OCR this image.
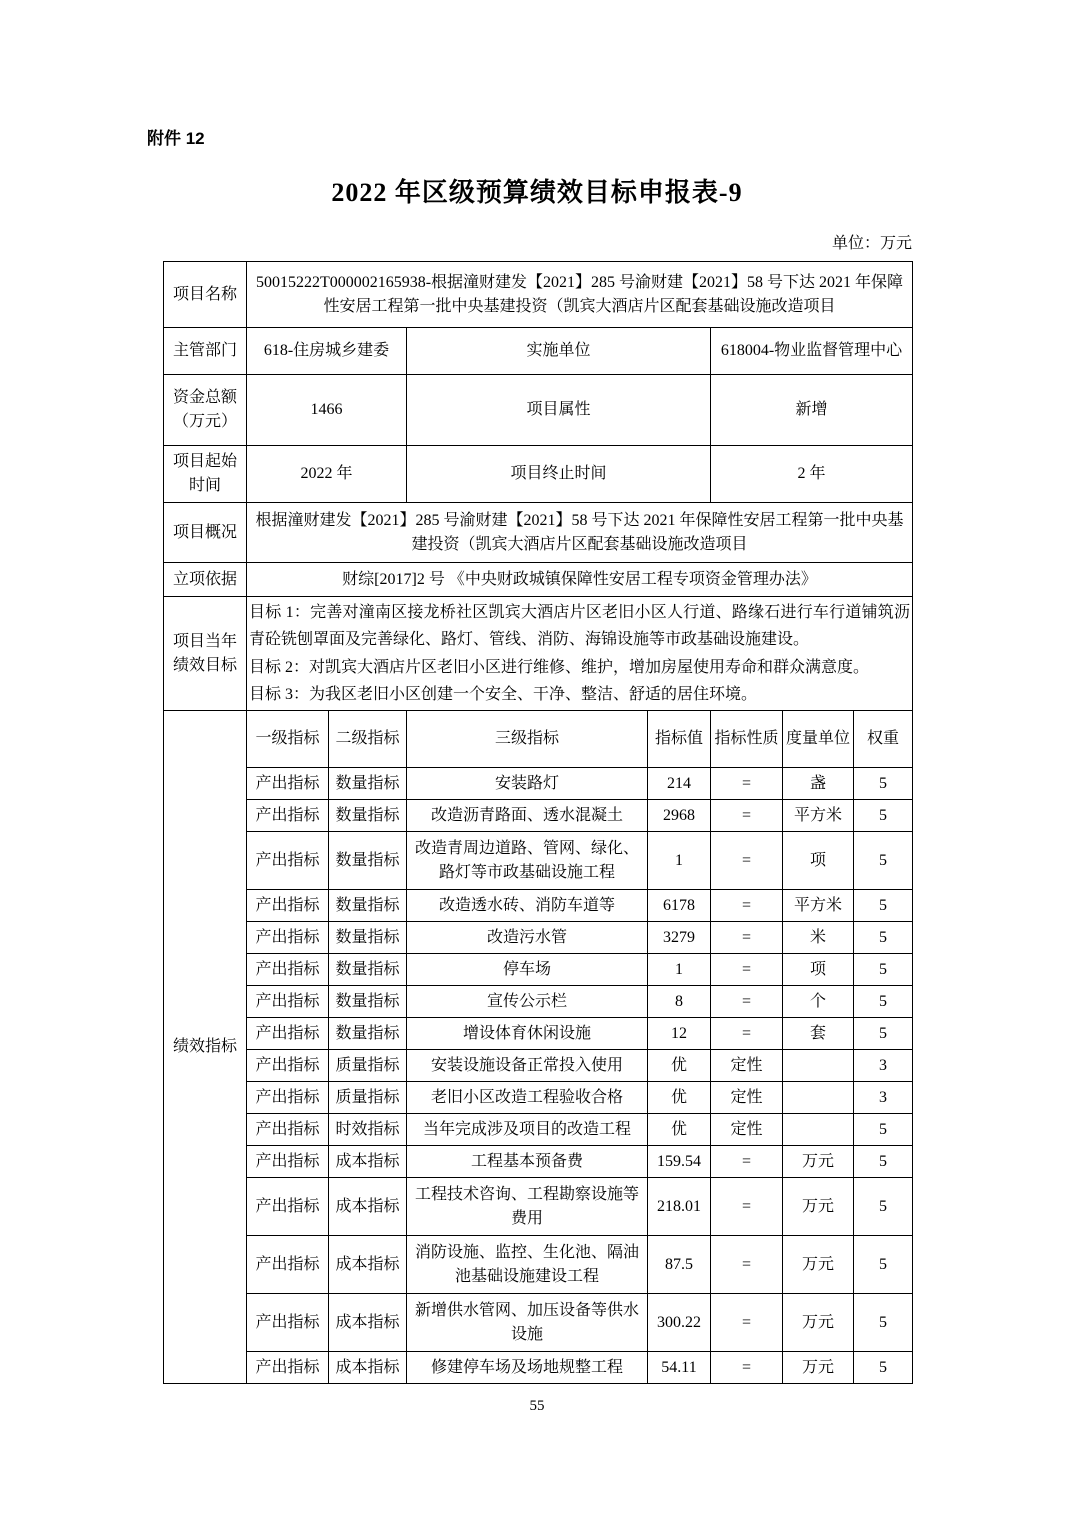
附件 12
2022 年区级预算绩效目标申报表-9
单位：万元
项目名称	50015222T000002165938-根据潼财建发【2021】285 号渝财建【2021】58 号下达 2021 年保障性安居工程第一批中央基建投资（凯宾大酒店片区配套基础设施改造项目						
主管部门	618-住房城乡建委		实施单位		618004-物业监督管理中心		
资金总额（万元）	1466		项目属性		新增		
项目起始时间	2022 年		项目终止时间		2 年		
项目概况	根据潼财建发【2021】285 号渝财建【2021】58 号下达 2021 年保障性安居工程第一批中央基建投资（凯宾大酒店片区配套基础设施改造项目						
立项依据	财综[2017]2 号 《中央财政城镇保障性安居工程专项资金管理办法》						
项目当年绩效目标	目标 1：完善对潼南区接龙桥社区凯宾大酒店片区老旧小区人行道、路缘石进行车行道铺筑沥青砼铣刨罩面及完善绿化、路灯、管线、消防、海锦设施等市政基础设施建设。

目标 2：对凯宾大酒店片区老旧小区进行维修、维护，增加房屋使用寿命和群众满意度。

目标 3：为我区老旧小区创建一个安全、干净、整洁、舒适的居住环境。						

绩效指标	一级指标	二级指标	三级指标	指标值	指标性质	度量单位	权重
	产出指标	数量指标	安装路灯	214	=	盏	5
	产出指标	数量指标	改造沥青路面、透水混凝土	2968	=	平方米	5
	产出指标	数量指标	改造青周边道路、管网、绿化、路灯等市政基础设施工程	1	=	项	5
	产出指标	数量指标	改造透水砖、消防车道等	6178	=	平方米	5
	产出指标	数量指标	改造污水管	3279	=	米	5
	产出指标	数量指标	停车场	1	=	项	5
	产出指标	数量指标	宣传公示栏	8	=	个	5
	产出指标	数量指标	增设体育休闲设施	12	=	套	5
	产出指标	质量指标	安装设施设备正常投入使用	优	定性		3
	产出指标	质量指标	老旧小区改造工程验收合格	优	定性		3
	产出指标	时效指标	当年完成涉及项目的改造工程	优	定性		5
	产出指标	成本指标	工程基本预备费	159.54	=	万元	5
	产出指标	成本指标	工程技术咨询、工程勘察设施等费用	218.01	=	万元	5
	产出指标	成本指标	消防设施、监控、生化池、隔油池基础设施建设工程	87.5	=	万元	5
	产出指标	成本指标	新增供水管网、加压设备等供水设施	300.22	=	万元	5
	产出指标	成本指标	修建停车场及场地规整工程	54.11	=	万元	5
55
